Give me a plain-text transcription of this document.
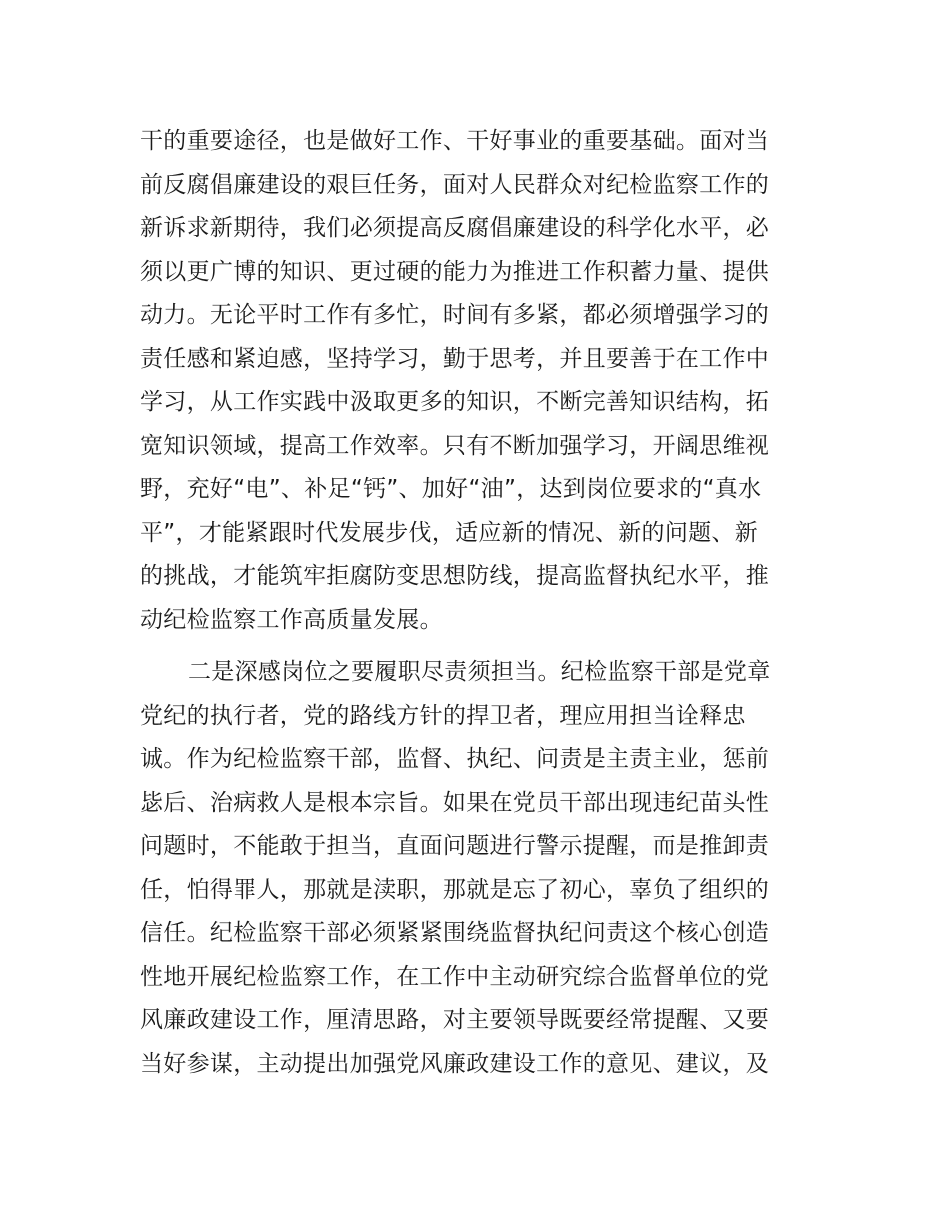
干的重要途径，也是做好工作、干好事业的重要基础。面对当
前反腐倡廉建设的艰巨任务，面对人民群众对纪检监察工作的
新诉求新期待，我们必须提高反腐倡廉建设的科学化水平，必
须以更广博的知识、更过硬的能力为推进工作积蓄力量、提供
动力。无论平时工作有多忙，时间有多紧，都必须增强学习的
责任感和紧迫感，坚持学习，勤于思考，并且要善于在工作中
学习，从工作实践中汲取更多的知识，不断完善知识结构，拓
宽知识领域，提高工作效率。只有不断加强学习，开阔思维视
野，充好“电”、补足“钙”、加好“油”，达到岗位要求的“真水
平”，才能紧跟时代发展步伐，适应新的情况、新的问题、新
的挑战，才能筑牢拒腐防变思想防线，提高监督执纪水平，推
动纪检监察工作高质量发展。
二是深感岗位之要履职尽责须担当。纪检监察干部是党章
党纪的执行者，党的路线方针的捍卫者，理应用担当诠释忠
诚。作为纪检监察干部，监督、执纪、问责是主责主业，惩前
毖后、治病救人是根本宗旨。如果在党员干部出现违纪苗头性
问题时，不能敢于担当，直面问题进行警示提醒，而是推卸责
任，怕得罪人，那就是渎职，那就是忘了初心，辜负了组织的
信任。纪检监察干部必须紧紧围绕监督执纪问责这个核心创造
性地开展纪检监察工作，在工作中主动研究综合监督单位的党
风廉政建设工作，厘清思路，对主要领导既要经常提醒、又要
当好参谋，主动提出加强党风廉政建设工作的意见、建议，及
